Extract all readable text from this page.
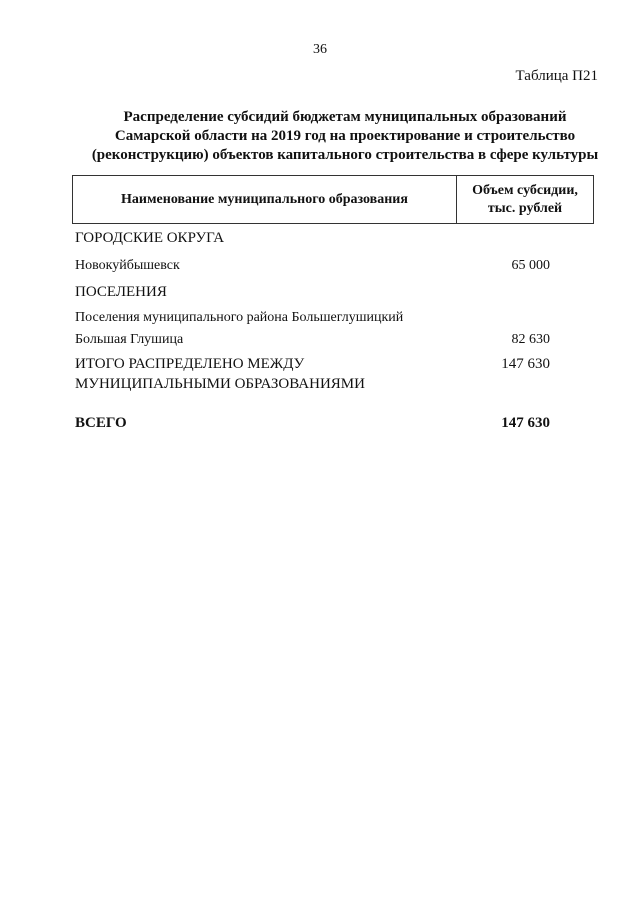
36
Таблица П21
Распределение субсидий бюджетам муниципальных образований
Самарской области на 2019 год на проектирование и строительство
(реконструкцию) объектов капитального строительства в сфере культуры
Наименование муниципального образования
Объем субсидии,
тыс. рублей
ГОРОДСКИЕ ОКРУГА
Новокуйбышевск	65 000
ПОСЕЛЕНИЯ
Поселения муниципального района Большеглушицкий
Большая Глушица	82 630
ИТОГО РАСПРЕДЕЛЕНО МЕЖДУ	147 630
МУНИЦИПАЛЬНЫМИ ОБРАЗОВАНИЯМИ
ВСЕГО	147 630
